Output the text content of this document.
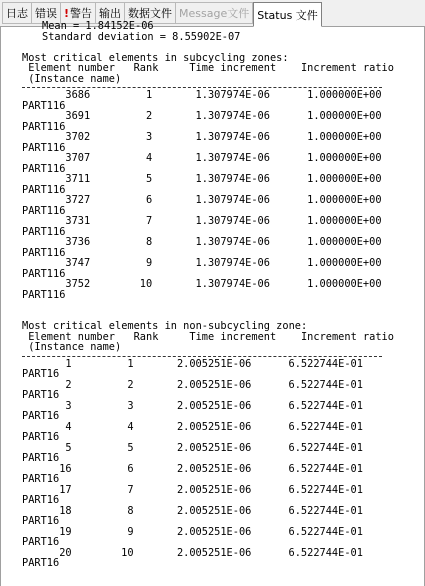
日志 错误 ! 警告 输出 数据文件 Message文件 Status 文件
Mean = 1.84152E-06
Standard deviation = 8.55902E-07

Most critical elements in subcycling zones:
Element number   Rank     Time increment    Increment ratio
(Instance name)

3686	1	1.307974E-06	1.000000E+00
PART116
3691	2	1.307974E-06	1.000000E+00
PART116
3702	3	1.307974E-06	1.000000E+00
PART116
3707	4	1.307974E-06	1.000000E+00
PART116
3711	5	1.307974E-06	1.000000E+00
PART116
3727	6	1.307974E-06	1.000000E+00
PART116
3731	7	1.307974E-06	1.000000E+00
PART116
3736	8	1.307974E-06	1.000000E+00
PART116
3747	9	1.307974E-06	1.000000E+00
PART116
3752	10	1.307974E-06	1.000000E+00
PART116

Most critical elements in non-subcycling zone:
Element number   Rank     Time increment    Increment ratio
(Instance name)

1	1	2.005251E-06	6.522744E-01
PART16
2	2	2.005251E-06	6.522744E-01
PART16
3	3	2.005251E-06	6.522744E-01
PART16
4	4	2.005251E-06	6.522744E-01
PART16
5	5	2.005251E-06	6.522744E-01
PART16
16	6	2.005251E-06	6.522744E-01
PART16
17	7	2.005251E-06	6.522744E-01
PART16
18	8	2.005251E-06	6.522744E-01
PART16
19	9	2.005251E-06	6.522744E-01
PART16
20	10	2.005251E-06	6.522744E-01
PART16
